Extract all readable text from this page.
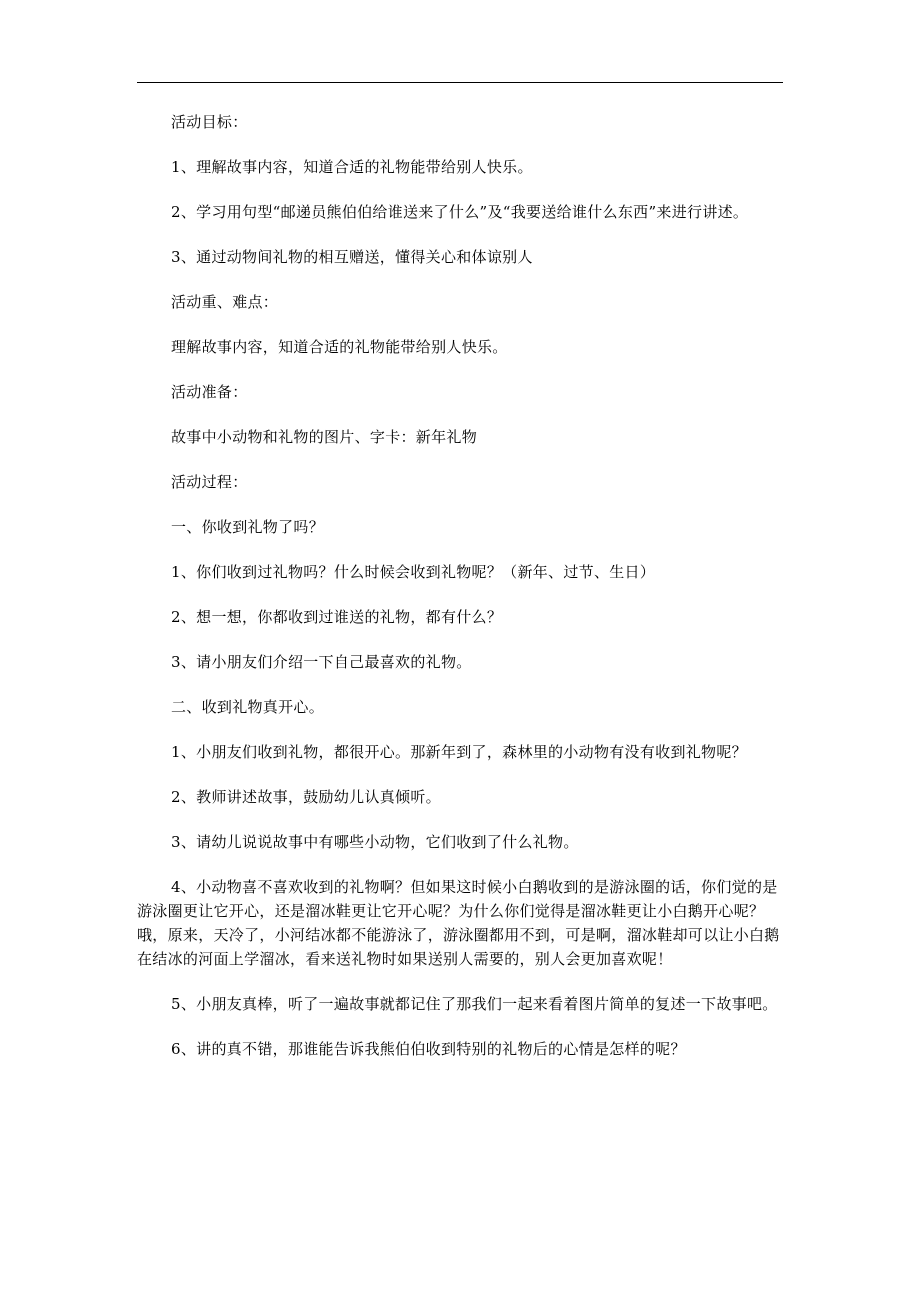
活动目标：

1、理解故事内容，知道合适的礼物能带给别人快乐。

2、学习用句型“邮递员熊伯伯给谁送来了什么”及“我要送给谁什么东西”来进行讲述。

3、通过动物间礼物的相互赠送，懂得关心和体谅别人

活动重、难点：

理解故事内容，知道合适的礼物能带给别人快乐。

活动准备：

故事中小动物和礼物的图片、字卡：新年礼物

活动过程：

一、你收到礼物了吗？

1、你们收到过礼物吗？什么时候会收到礼物呢？（新年、过节、生日）

2、想一想，你都收到过谁送的礼物，都有什么？

3、请小朋友们介绍一下自己最喜欢的礼物。

二、收到礼物真开心。

1、小朋友们收到礼物，都很开心。那新年到了，森林里的小动物有没有收到礼物呢？

2、教师讲述故事，鼓励幼儿认真倾听。

3、请幼儿说说故事中有哪些小动物，它们收到了什么礼物。

4、小动物喜不喜欢收到的礼物啊？但如果这时候小白鹅收到的是游泳圈的话，你们觉的是游泳圈更让它开心，还是溜冰鞋更让它开心呢？为什么你们觉得是溜冰鞋更让小白鹅开心呢？哦，原来，天冷了，小河结冰都不能游泳了，游泳圈都用不到，可是啊，溜冰鞋却可以让小白鹅在结冰的河面上学溜冰，看来送礼物时如果送别人需要的，别人会更加喜欢呢！

5、小朋友真棒，听了一遍故事就都记住了那我们一起来看着图片简单的复述一下故事吧。

6、讲的真不错，那谁能告诉我熊伯伯收到特别的礼物后的心情是怎样的呢？
